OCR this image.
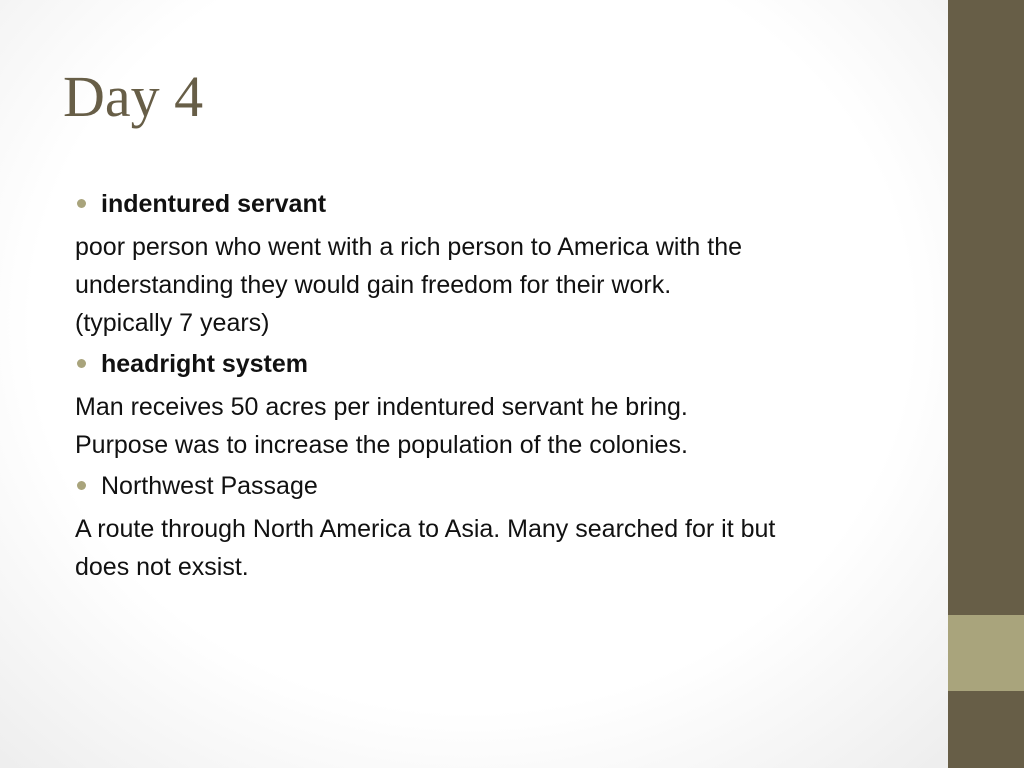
Day 4
indentured servant
poor person who went with a rich person to America with the
understanding they would gain freedom for their work.
(typically 7 years)
headright system
Man receives 50 acres per indentured servant he bring.
Purpose was to increase the population of the colonies.
Northwest Passage
A route through North America to Asia. Many searched for it but
does not exsist.
